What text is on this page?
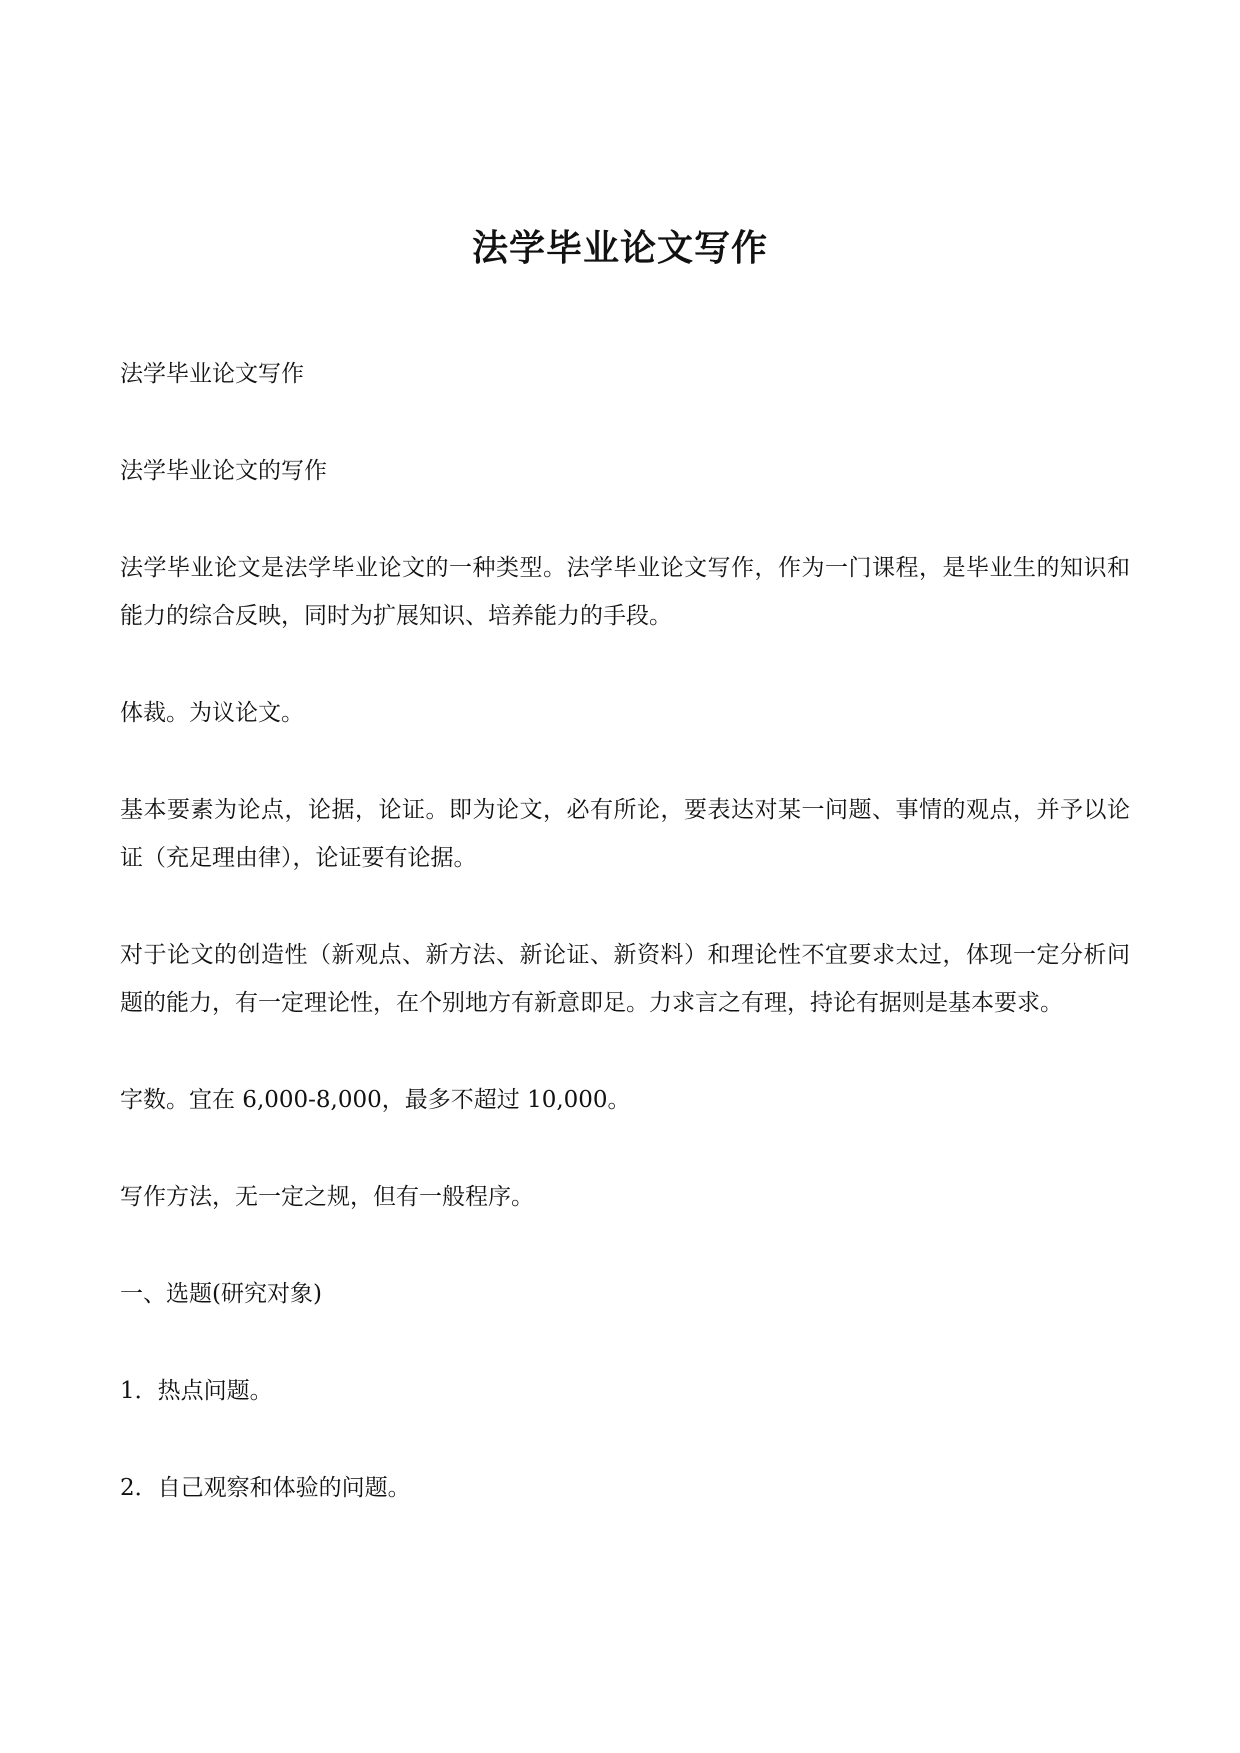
法学毕业论文写作

法学毕业论文写作

法学毕业论文的写作

法学毕业论文是法学毕业论文的一种类型。法学毕业论文写作，作为一门课程，是毕业生的知识和能力的综合反映，同时为扩展知识、培养能力的手段。

体裁。为议论文。

基本要素为论点，论据，论证。即为论文，必有所论，要表达对某一问题、事情的观点，并予以论证（充足理由律），论证要有论据。

对于论文的创造性（新观点、新方法、新论证、新资料）和理论性不宜要求太过，体现一定分析问题的能力，有一定理论性，在个别地方有新意即足。力求言之有理，持论有据则是基本要求。

字数。宜在 6,000-8,000，最多不超过 10,000。

写作方法，无一定之规，但有一般程序。

一、选题(研究对象)

1．热点问题。

2．自己观察和体验的问题。
